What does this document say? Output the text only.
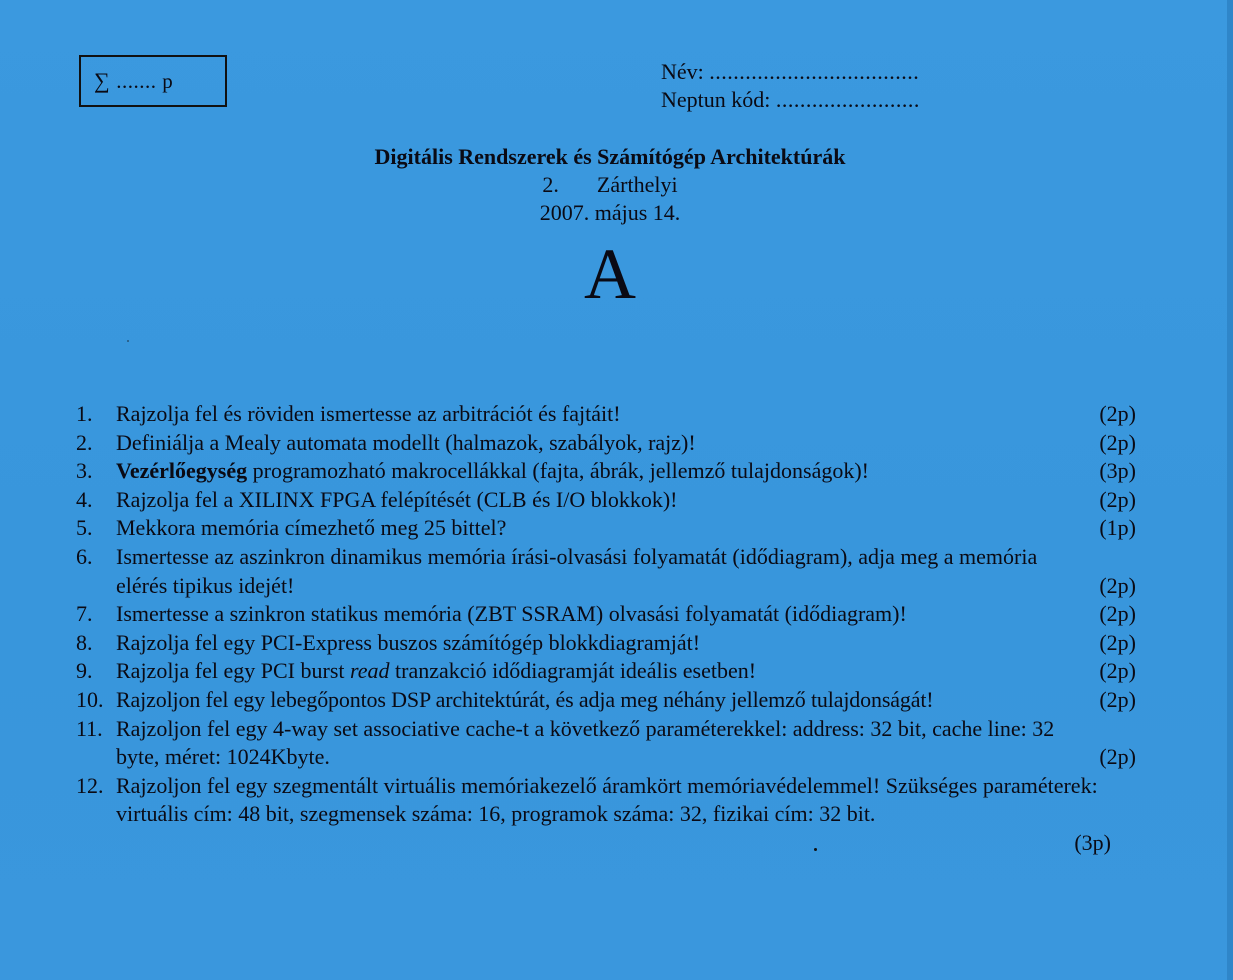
∑ ....... p	Név: ...................................
Neptun kód: ........................
Digitális Rendszerek és Számítógép Architektúrák
2. Zárthelyi
2007. május 14.
A
1.	Rajzolja fel és röviden ismertesse az arbitrációt és fajtáit!	(2p)
2.	Definiálja a Mealy automata modellt (halmazok, szabályok, rajz)!	(2p)
3.	Vezérlőegység programozható makrocellákkal (fajta, ábrák, jellemző tulajdonságok)!	(3p)
4.	Rajzolja fel a XILINX FPGA felépítését (CLB és I/O blokkok)!	(2p)
5.	Mekkora memória címezhető meg 25 bittel?	(1p)
6.	Ismertesse az aszinkron dinamikus memória írási-olvasási folyamatát (idődiagram), adja meg a memória elérés tipikus idejét!	(2p)
7.	Ismertesse a szinkron statikus memória (ZBT SSRAM) olvasási folyamatát (idődiagram)!	(2p)
8.	Rajzolja fel egy PCI-Express buszos számítógép blokkdiagramját!	(2p)
9.	Rajzolja fel egy PCI burst read tranzakció idődiagramját ideális esetben!	(2p)
10. Rajzoljon fel egy lebegőpontos DSP architektúrát, és adja meg néhány jellemző tulajdonságát!	(2p)
11. Rajzoljon fel egy 4-way set associative cache-t a következő paraméterekkel: address: 32 bit, cache line: 32 byte, méret: 1024Kbyte.	(2p)
12. Rajzoljon fel egy szegmentált virtuális memóriakezelő áramkört memóriavédelemmel! Szükséges paraméterek: virtuális cím: 48 bit, szegmensek száma: 16, programok száma: 32, fizikai cím: 32 bit.
(3p)
